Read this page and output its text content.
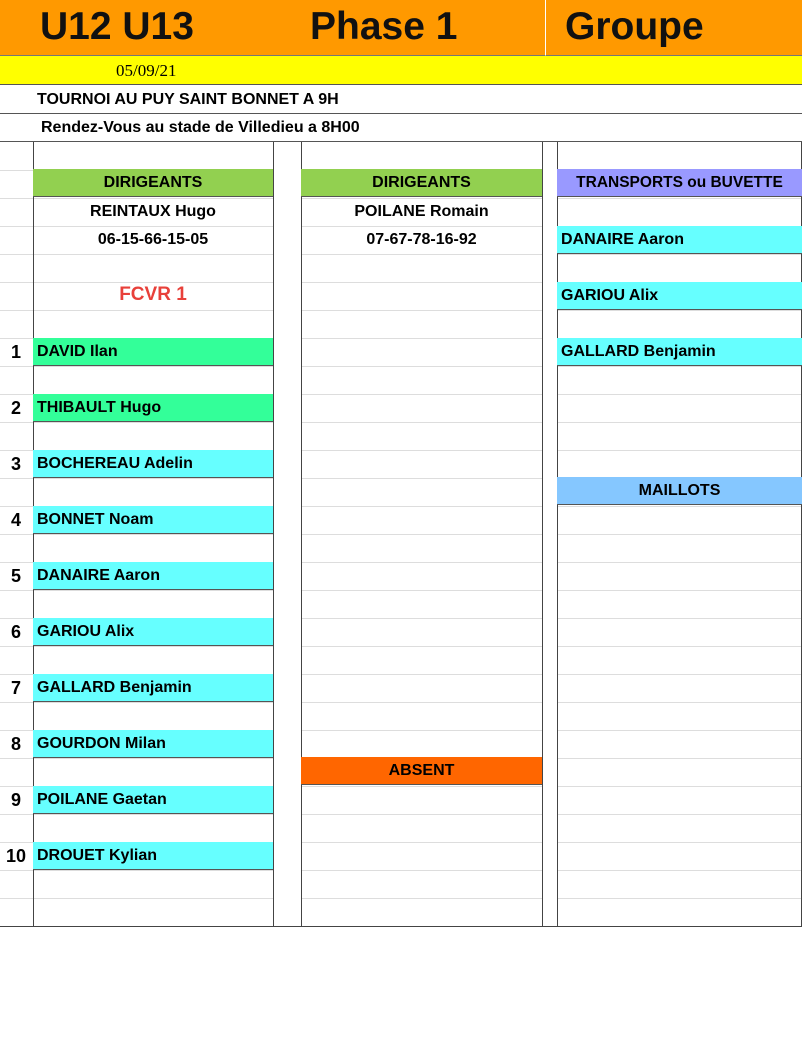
U12 U13	Phase 1	Groupe
05/09/21
TOURNOI AU PUY SAINT BONNET A 9H
Rendez-Vous au stade de Villedieu a 8H00
DIRIGEANTS
REINTAUX Hugo
06-15-66-15-05
FCVR 1
1	DAVID Ilan
2	THIBAULT Hugo
3	BOCHEREAU Adelin
4	BONNET Noam
5	DANAIRE Aaron
6	GARIOU Alix
7	GALLARD Benjamin
8	GOURDON Milan
9	POILANE Gaetan
10 DROUET Kylian
DIRIGEANTS
POILANE Romain
07-67-78-16-92
ABSENT
TRANSPORTS ou BUVETTE
DANAIRE Aaron
GARIOU Alix
GALLARD Benjamin
MAILLOTS
